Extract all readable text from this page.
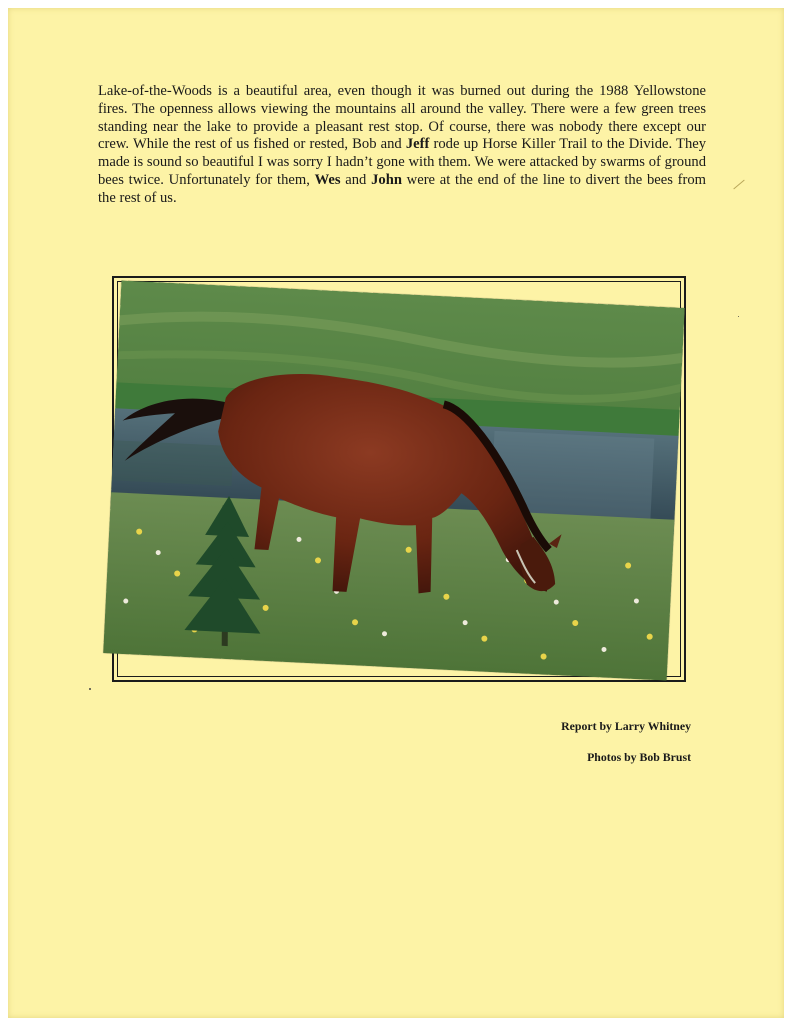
Lake-of-the-Woods is a beautiful area, even though it was burned out during the 1988 Yellowstone fires. The openness allows viewing the mountains all around the valley. There were a few green trees standing near the lake to provide a pleasant rest stop. Of course, there was nobody there except our crew. While the rest of us fished or rested, Bob and Jeff rode up Horse Killer Trail to the Divide. They made is sound so beautiful I was sorry I hadn’t gone with them. We were attacked by swarms of ground bees twice. Unfortunately for them, Wes and John were at the end of the line to divert the bees from the rest of us.

Report by Larry Whitney

Photos by Bob Brust
